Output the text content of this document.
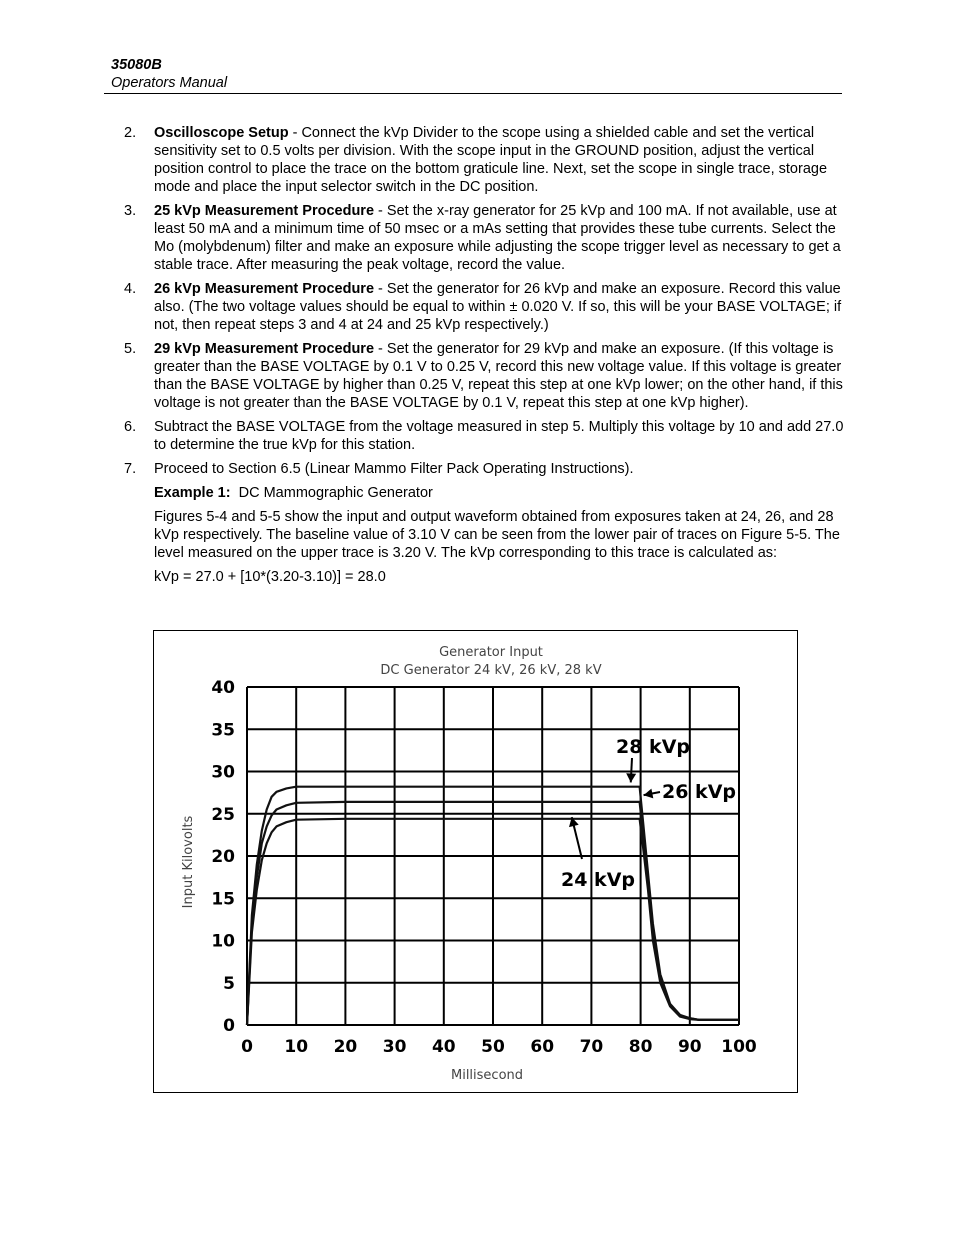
35080B
Operators Manual
2. Oscilloscope Setup - Connect the kVp Divider to the scope using a shielded cable and set the vertical sensitivity set to 0.5 volts per division. With the scope input in the GROUND position, adjust the vertical position control to place the trace on the bottom graticule line. Next, set the scope in single trace, storage mode and place the input selector switch in the DC position.
3. 25 kVp Measurement Procedure - Set the x-ray generator for 25 kVp and 100 mA. If not available, use at least 50 mA and a minimum time of 50 msec or a mAs setting that provides these tube currents. Select the Mo (molybdenum) filter and make an exposure while adjusting the scope trigger level as necessary to get a stable trace. After measuring the peak voltage, record the value.
4. 26 kVp Measurement Procedure - Set the generator for 26 kVp and make an exposure. Record this value also. (The two voltage values should be equal to within ± 0.020 V. If so, this will be your BASE VOLTAGE; if not, then repeat steps 3 and 4 at 24 and 25 kVp respectively.)
5. 29 kVp Measurement Procedure - Set the generator for 29 kVp and make an exposure. (If this voltage is greater than the BASE VOLTAGE by 0.1 V to 0.25 V, record this new voltage value. If this voltage is greater than the BASE VOLTAGE by higher than 0.25 V, repeat this step at one kVp lower; on the other hand, if this voltage is not greater than the BASE VOLTAGE by 0.1 V, repeat this step at one kVp higher).
6. Subtract the BASE VOLTAGE from the voltage measured in step 5. Multiply this voltage by 10 and add 27.0 to determine the true kVp for this station.
7. Proceed to Section 6.5 (Linear Mammo Filter Pack Operating Instructions).
Example 1:  DC Mammographic Generator
Figures 5-4 and 5-5 show the input and output waveform obtained from exposures taken at 24, 26, and 28 kVp respectively. The baseline value of 3.10 V can be seen from the lower pair of traces on Figure 5-5. The level measured on the upper trace is 3.20 V. The kVp corresponding to this trace is calculated as:
kVp = 27.0 + [10*(3.20-3.10)] = 28.0
Generator Input
DC Generator 24 kV, 26 kV, 28 kV
Millisecond
Input Kilovolts
0 10 20 30 40 50 60 70 80 90 100
0
5
10
15
20
25
30
35
40
28 kVp
26 kVp
24 kVp
